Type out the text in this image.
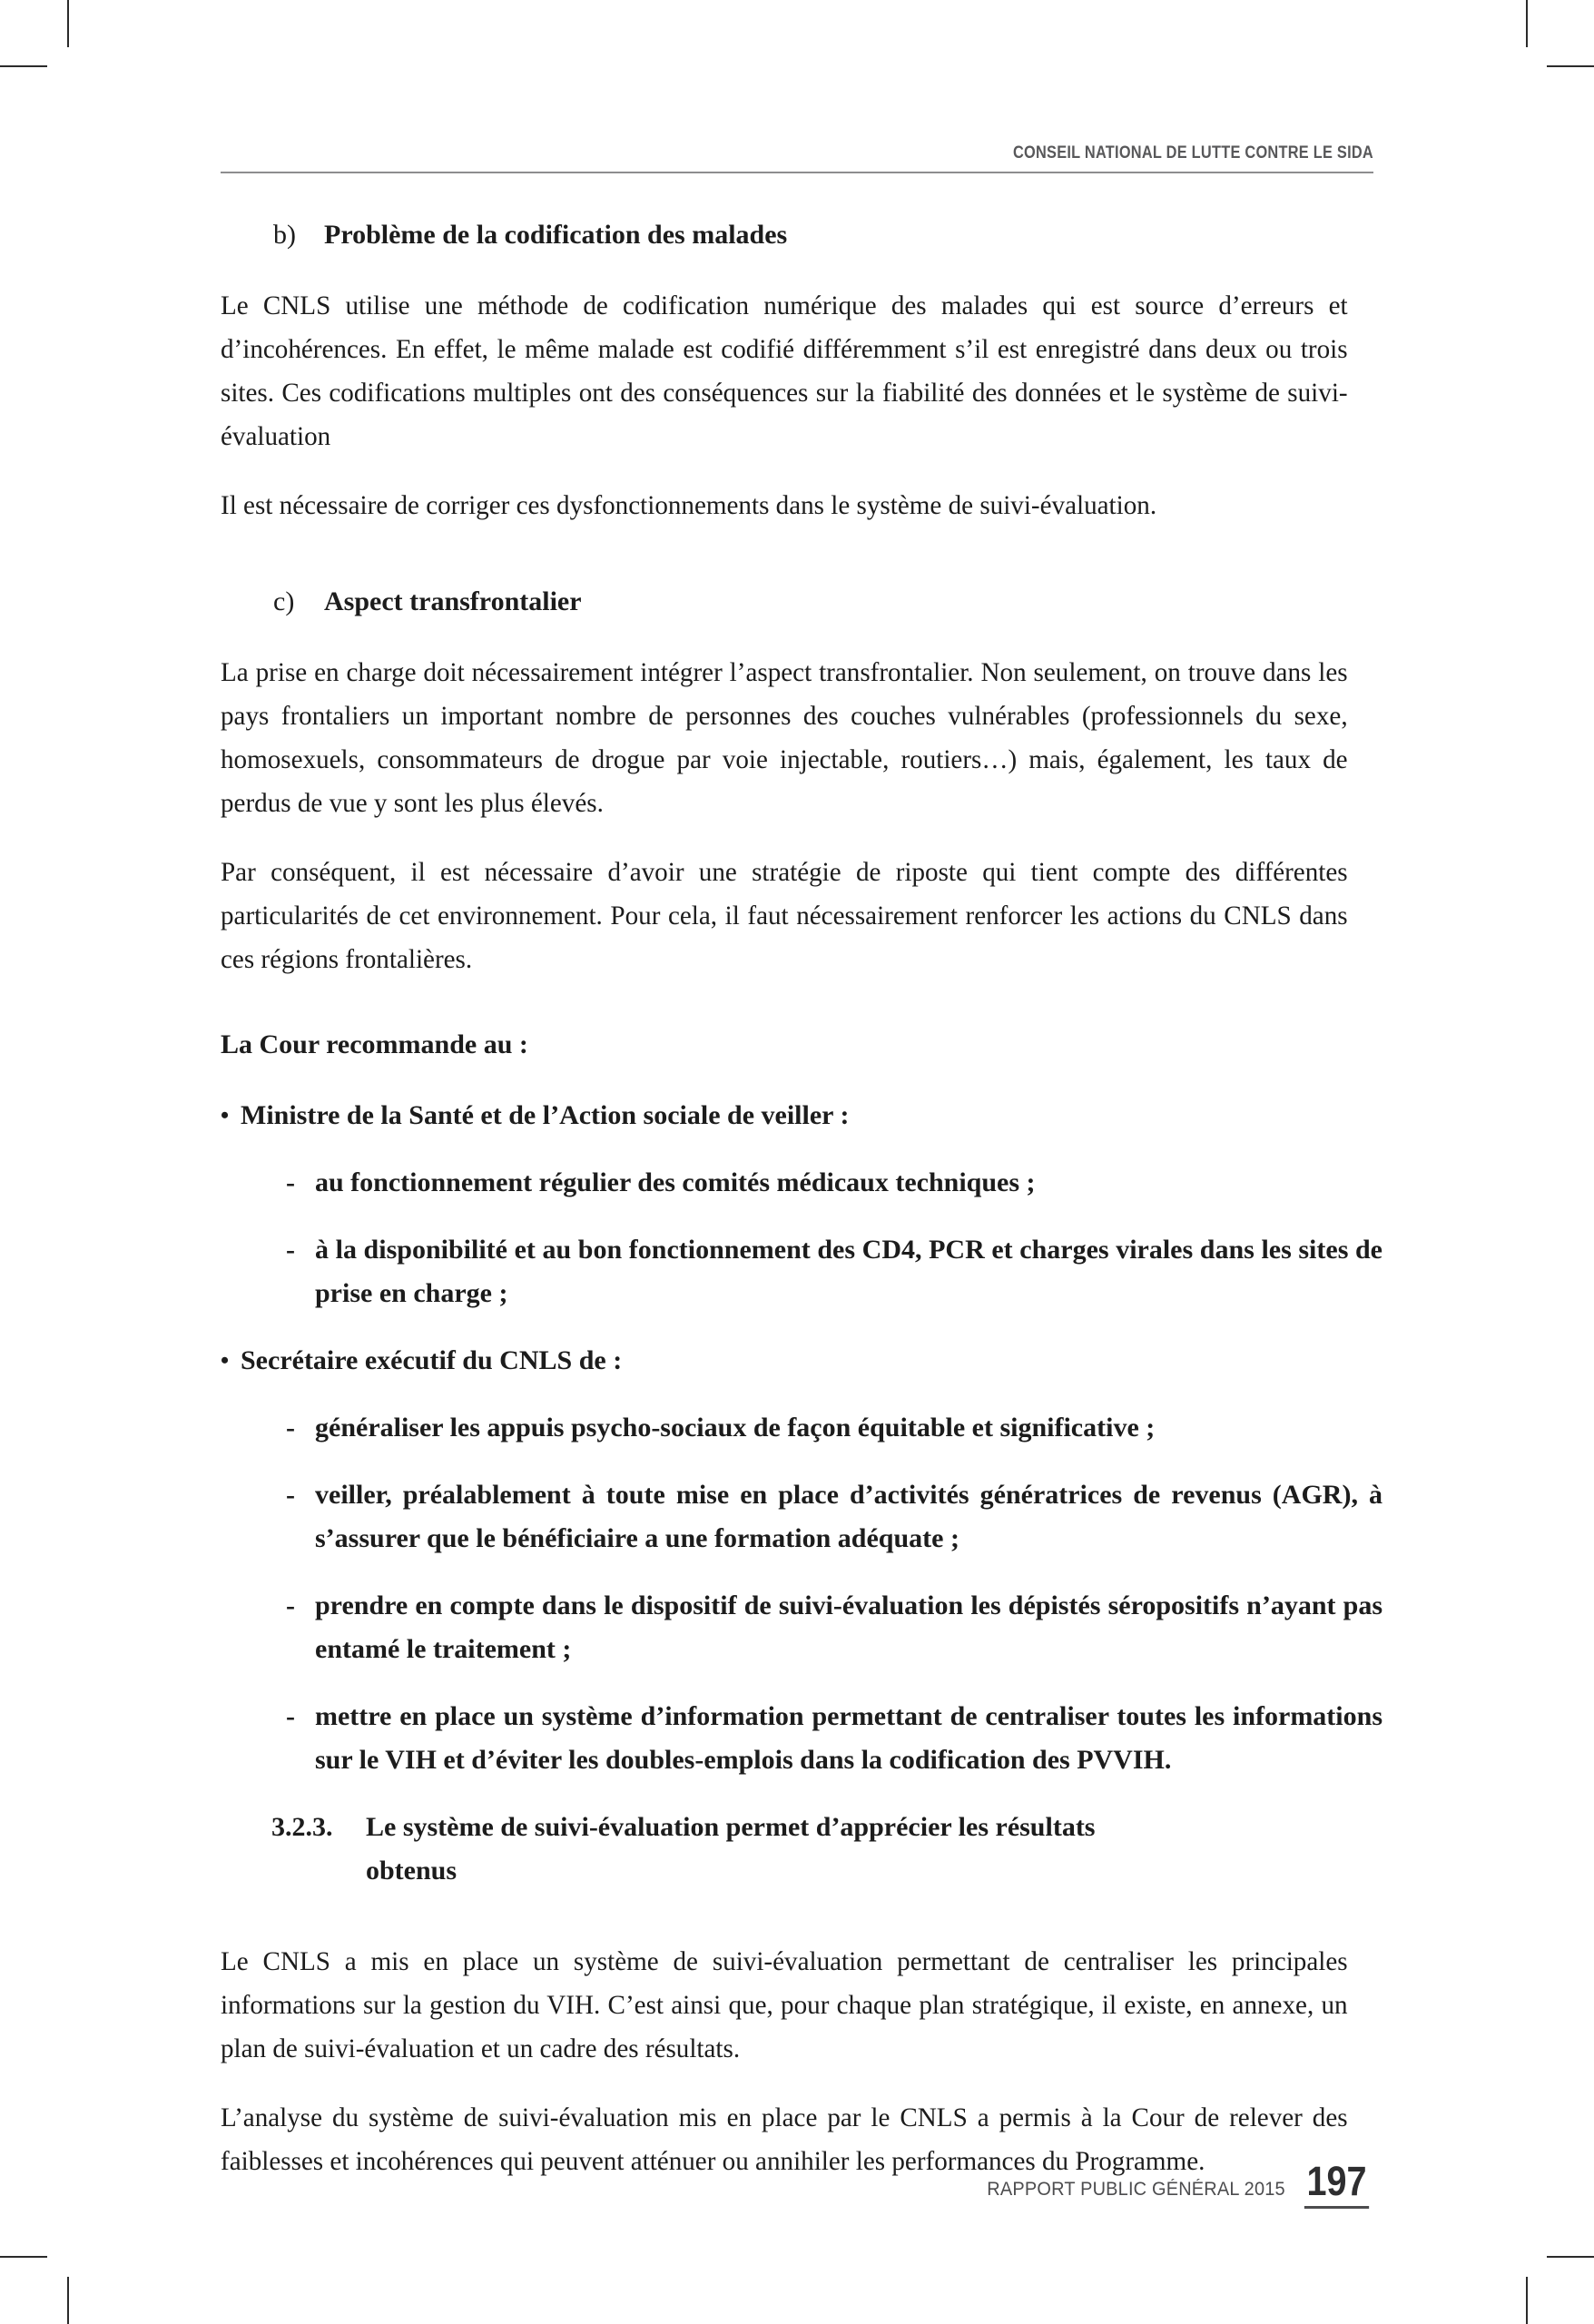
CONSEIL NATIONAL DE LUTTE CONTRE LE SIDA
b)	Problème de la codification des malades

Le CNLS utilise une méthode de codification numérique des malades qui est source d’erreurs et d’incohérences. En effet, le même malade est codifié différemment s’il est enregistré dans deux ou trois sites. Ces codifications multiples ont des conséquences sur la fiabilité des données et le système de suivi-évaluation

Il est nécessaire de corriger ces dysfonctionnements dans le système de suivi-évaluation.

c)	Aspect transfrontalier

La prise en charge doit nécessairement intégrer l’aspect transfrontalier. Non seulement, on trouve dans les pays frontaliers un important nombre de personnes des couches vulnérables (professionnels du sexe, homosexuels, consommateurs de drogue par voie injectable, routiers…) mais, également, les taux de perdus de vue y sont les plus élevés.

Par conséquent, il est nécessaire d’avoir une stratégie de riposte qui tient compte des différentes particularités de cet environnement. Pour cela, il faut nécessairement renforcer les actions du CNLS dans ces régions frontalières.

La Cour recommande au :

• Ministre de la Santé et de l’Action sociale de veiller :
- au fonctionnement régulier des comités médicaux techniques ;
- à la disponibilité et au bon fonctionnement des CD4, PCR et charges virales dans les sites de prise en charge ;
• Secrétaire exécutif du CNLS de :
- généraliser les appuis psycho-sociaux de façon équitable et significative ;
- veiller, préalablement à toute mise en place d’activités génératrices de revenus (AGR), à s’assurer que le bénéficiaire a une formation adéquate ;
- prendre en compte dans le dispositif de suivi-évaluation les dépistés séropositifs n’ayant pas entamé le traitement ;
- mettre en place un système d’information permettant de centraliser toutes les informations sur le VIH et d’éviter les doubles-emplois dans la codification des PVVIH.
3.2.3.	Le système de suivi-évaluation permet d’apprécier les résultats
obtenus

Le CNLS a mis en place un système de suivi-évaluation permettant de centraliser les principales informations sur la gestion du VIH. C’est ainsi que, pour chaque plan stratégique, il existe, en annexe, un plan de suivi-évaluation et un cadre des résultats.

L’analyse du système de suivi-évaluation mis en place par le CNLS a permis à la Cour de relever des faiblesses et incohérences qui peuvent atténuer ou annihiler les performances du Programme.

RAPPORT PUBLIC GÉNÉRAL 2015 197
